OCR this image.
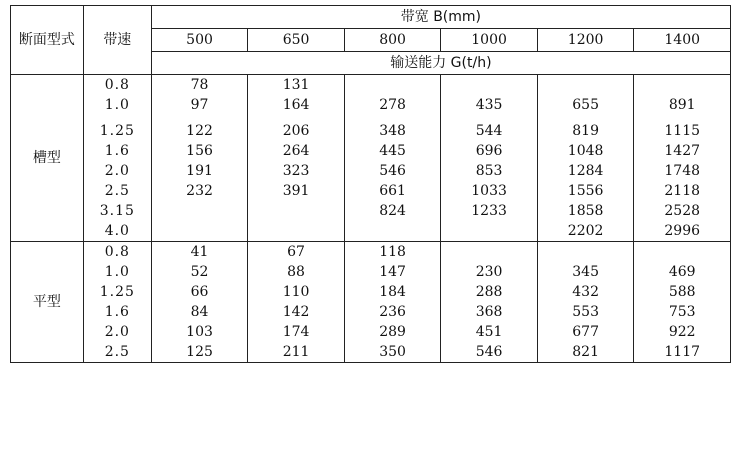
断面型式	带速	带宽 B(mm)					
		500	650	800	1000	1200	1400
		输送能力 G(t/h)					
槽型	0.8	78	131				
	1.0	97	164	278	435	655	891

	1.25	122	206	348	544	819	1115
	1.6	156	264	445	696	1048	1427
	2.0	191	323	546	853	1284	1748
	2.5	232	391	661	1033	1556	2118
	3.15			824	1233	1858	2528
	4.0					2202	2996
平型	0.8	41	67	118			
	1.0	52	88	147	230	345	469
	1.25	66	110	184	288	432	588
	1.6	84	142	236	368	553	753
	2.0	103	174	289	451	677	922
	2.5	125	211	350	546	821	1117
